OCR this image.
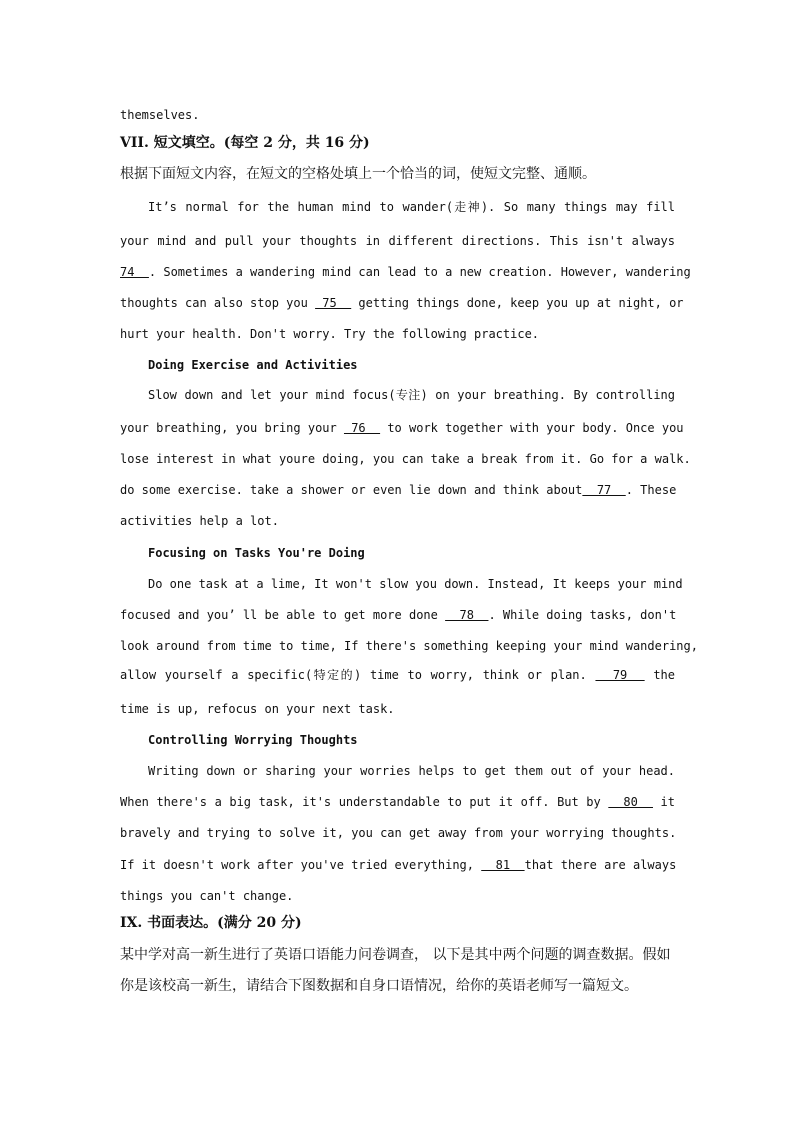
themselves.
VII. 短文填空。(每空 2 分，共 16 分)
根据下面短文内容，在短文的空格处填上一个恰当的词，使短文完整、通顺。
It’s normal for the human mind to wander(走神). So many things may fill
your mind and pull your thoughts in different directions. This isn't always
74  . Sometimes a wandering mind can lead to a new creation. However, wandering
thoughts can also stop you  75   getting things done, keep you up at night, or
hurt your health. Don't worry. Try the following practice.
Doing Exercise and Activities
Slow down and let your mind focus(专注) on your breathing. By controlling
your breathing, you bring your  76   to work together with your body. Once you
lose interest in what youre doing, you can take a break from it. Go for a walk.
do some exercise. take a shower or even lie down and think about  77  . These
activities help a lot.
Focusing on Tasks You're Doing
Do one task at a lime, It won't slow you down. Instead, It keeps your mind
focused and you’ ll be able to get more done   78  . While doing tasks, don't
look around from time to time, If there's something keeping your mind wandering,
allow yourself a specific(特定的) time to worry, think or plan.   79   the
time is up, refocus on your next task.
Controlling Worrying Thoughts
Writing down or sharing your worries helps to get them out of your head.
When there's a big task, it's understandable to put it off. But by   80   it
bravely and trying to solve it, you can get away from your worrying thoughts.
If it doesn't work after you've tried everything,   81  that there are always
things you can't change.
IX. 书面表达。(满分 20 分)
某中学对高一新生进行了英语口语能力问卷调查， 以下是其中两个问题的调查数据。假如
你是该校高一新生，请结合下图数据和自身口语情况，给你的英语老师写一篇短文。
